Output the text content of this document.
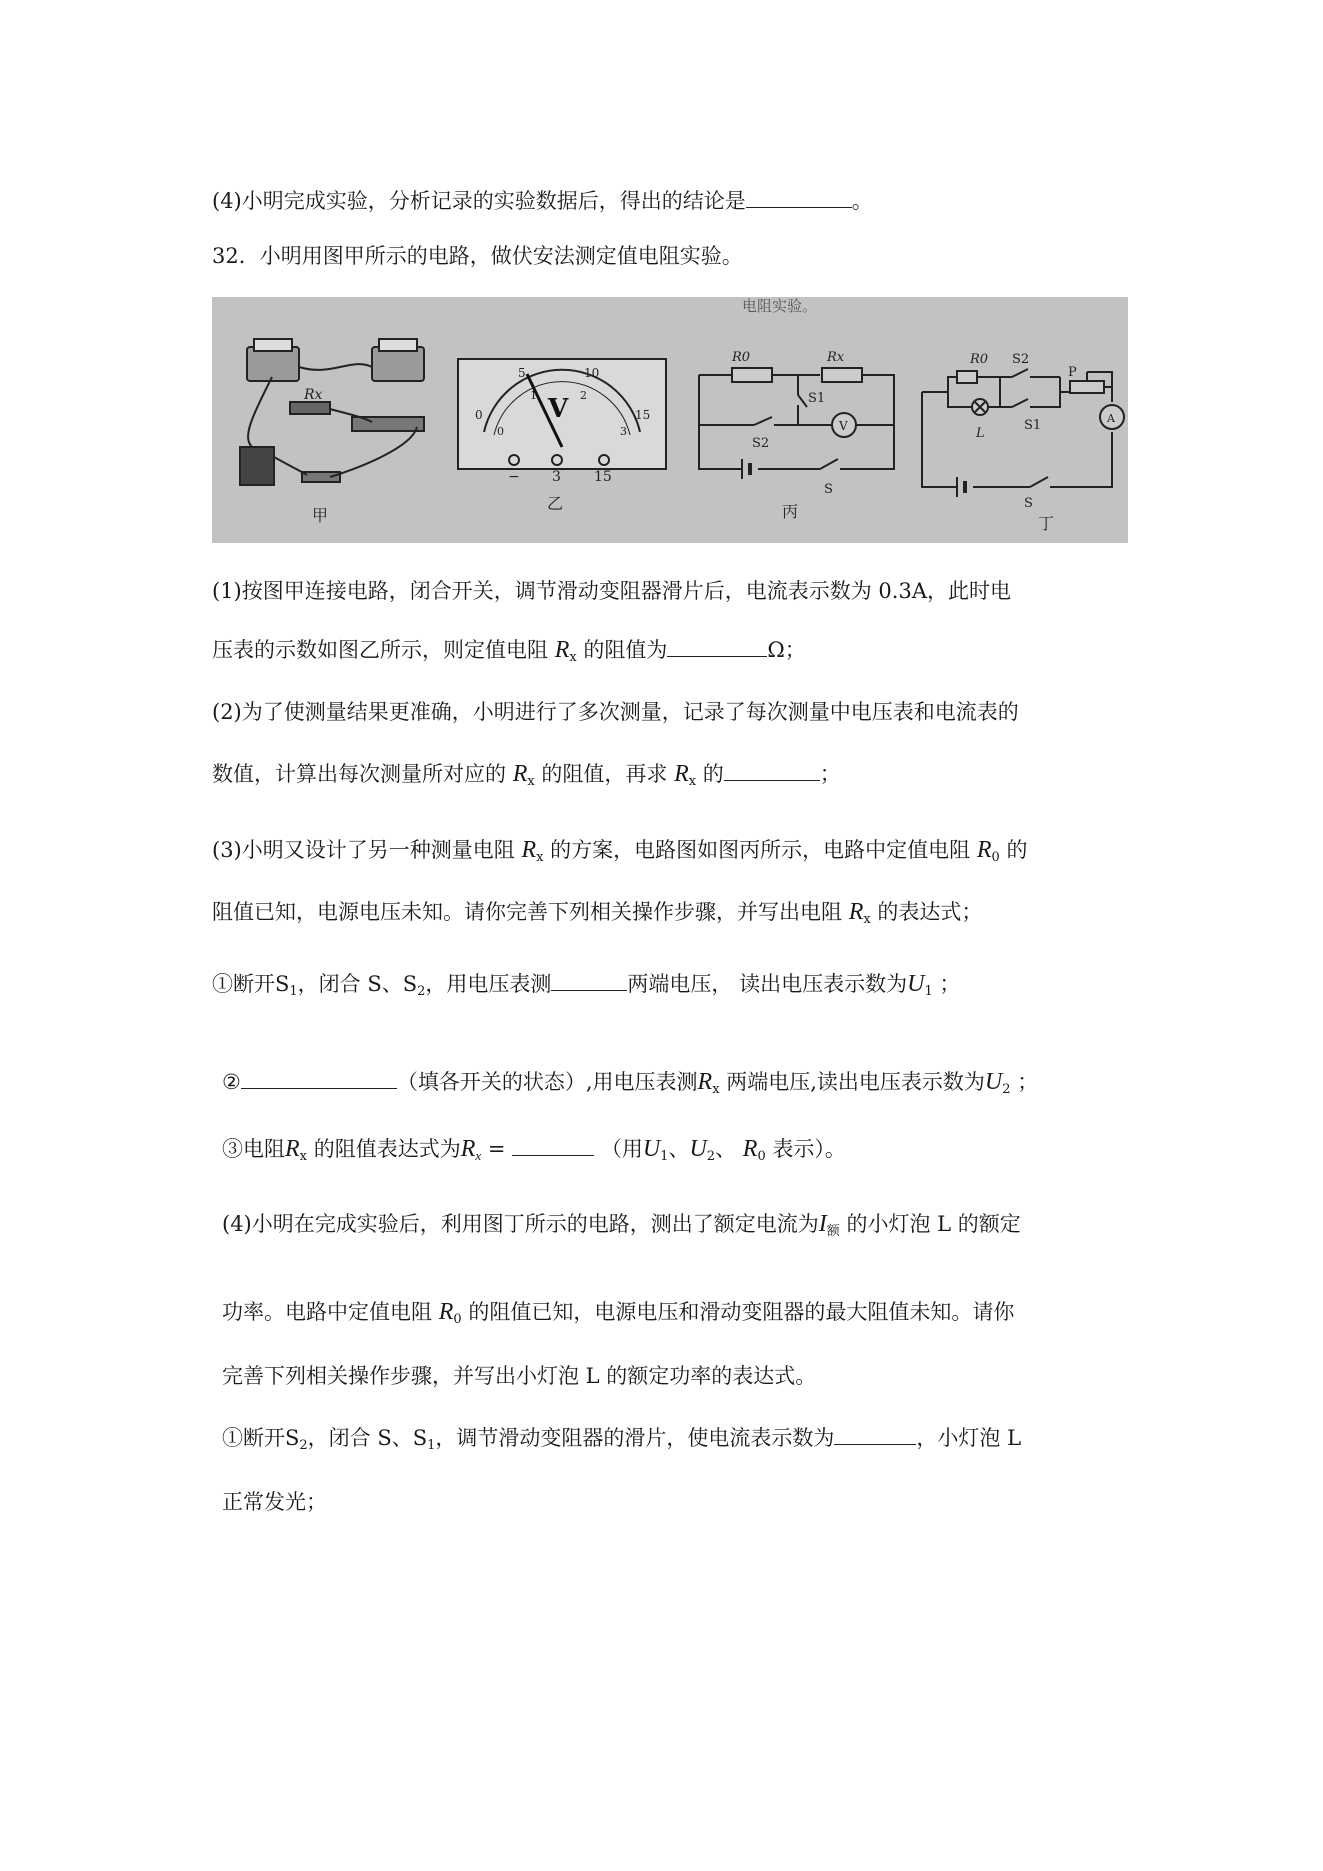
(4)小明完成实验，分析记录的实验数据后，得出的结论是	。
32．小明用图甲所示的电路，做伏安法测定值电阻实验。
电阻实验。
Rx
甲
V
0
5	10
15
0
1	2
3
− 3 15
乙
R0	Rx
S1
S2
V
S
丙
R0 S2
P
L
S1	A
S
丁
(1)按图甲连接电路，闭合开关，调节滑动变阻器滑片后，电流表示数为 0.3A，此时电
压表的示数如图乙所示，则定值电阻 $R_x$ 的阻值为	Ω；
(2)为了使测量结果更准确，小明进行了多次测量，记录了每次测量中电压表和电流表的
数值，计算出每次测量所对应的 $R_x$ 的阻值，再求 $R_x$ 的	；
(3)小明又设计了另一种测量电阻 $R_x$ 的方案，电路图如图丙所示，电路中定值电阻 $R_0$ 的
阻值已知，电源电压未知。请你完善下列相关操作步骤，并写出电阻 $R_x$ 的表达式；
①断开$S_1$，闭合 S、$S_2$，用电压表测	两端电压， 读出电压表示数为$U_1$ ；
②	（填各开关的状态）,用电压表测$R_x$ 两端电压,读出电压表示数为$U_2$ ；
③电阻$R_x$ 的阻值表达式为$R_x$ =	（用$U_1$、$U_2$、 $R_0$ 表示）。
(4)小明在完成实验后，利用图丁所示的电路，测出了额定电流为$I_额$ 的小灯泡 L 的额定
功率。电路中定值电阻 $R_0$ 的阻值已知，电源电压和滑动变阻器的最大阻值未知。请你
完善下列相关操作步骤，并写出小灯泡 L 的额定功率的表达式。
①断开$S_2$，闭合 S、$S_1$，调节滑动变阻器的滑片，使电流表示数为	，小灯泡 L
正常发光；
